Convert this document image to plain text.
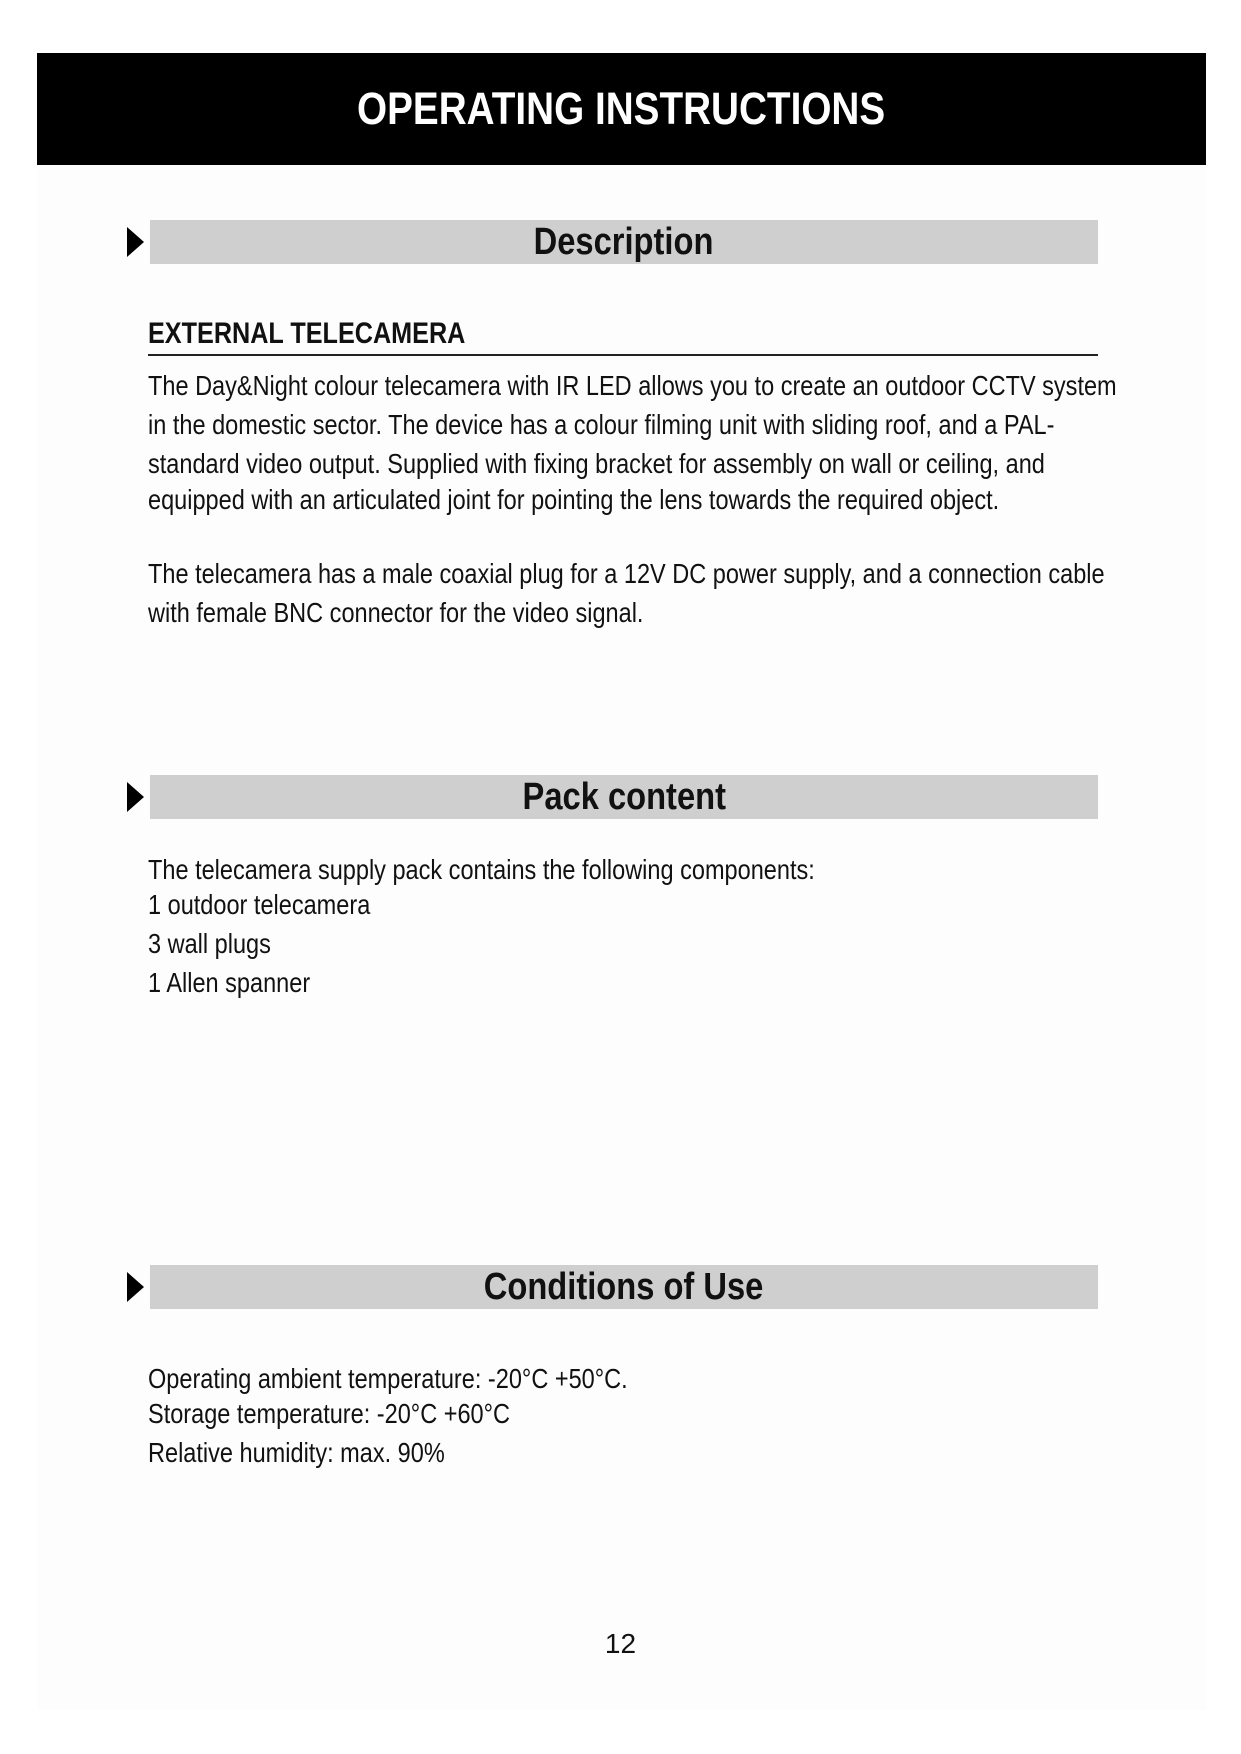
OPERATING INSTRUCTIONS
Description
EXTERNAL TELECAMERA
The Day&Night colour telecamera with IR LED allows you to create an outdoor CCTV system
in the domestic sector. The device has a colour filming unit with sliding roof, and a PAL-
standard video output. Supplied with fixing bracket for assembly on wall or ceiling, and
equipped with an articulated joint for pointing the lens towards the required object.
The telecamera has a male coaxial plug for a 12V DC power supply, and a connection cable
with female BNC connector for the video signal.
Pack content
The telecamera supply pack contains the following components:
1 outdoor telecamera
3 wall plugs
1 Allen spanner
Conditions of Use
Operating ambient temperature: -20°C +50°C.
Storage temperature: -20°C +60°C
Relative humidity: max. 90%
12
